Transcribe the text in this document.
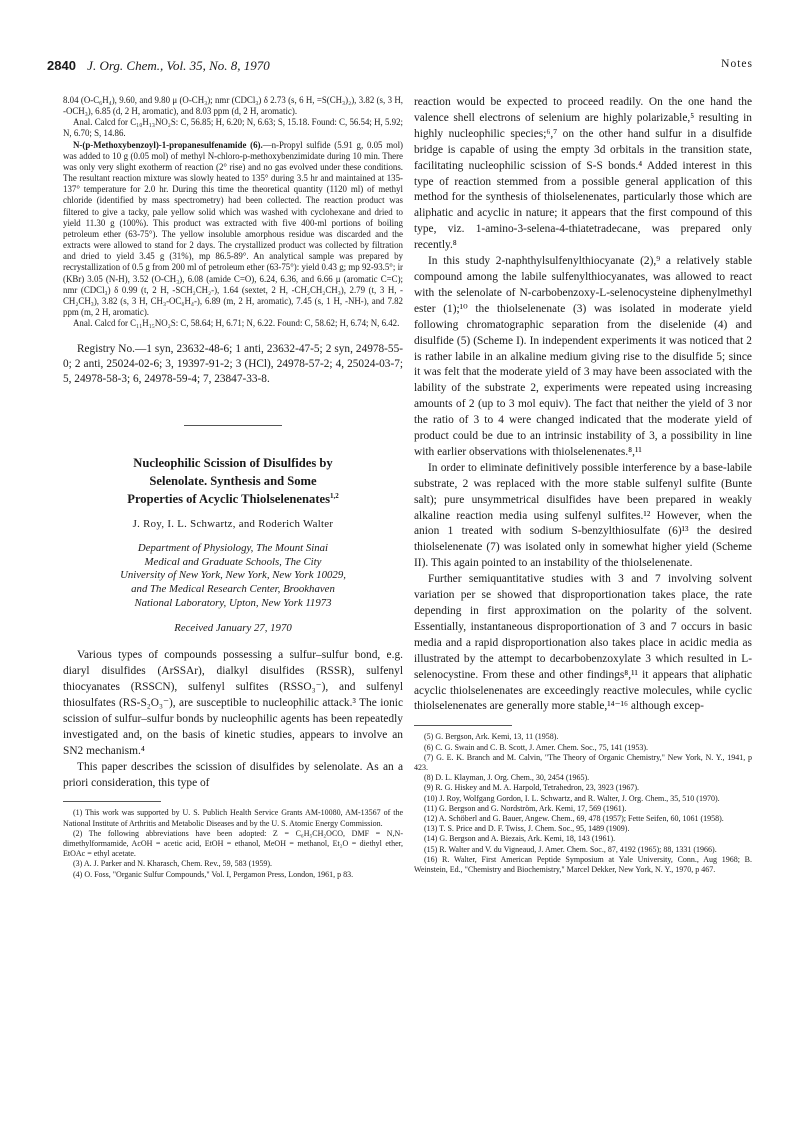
2840 J. Org. Chem., Vol. 35, No. 8, 1970	Notes

8.04 (O-C₆H₄), 9.60, and 9.80 μ (O-CH₃); nmr (CDCl₃) δ 2.73 (s, 6 H, =S(CH₃)₂), 3.82 (s, 3 H, -OCH₃), 6.85 (d, 2 H, aromatic), and 8.03 ppm (d, 2 H, aromatic).

Anal. Calcd for C₁₀H₁₃NO₂S: C, 56.85; H, 6.20; N, 6.63; S, 15.18. Found: C, 56.54; H, 5.92; N, 6.70; S, 14.86.

N-(p-Methoxybenzoyl)-1-propanesulfenamide (6).—n-Propyl sulfide (5.91 g, 0.05 mol) was added to 10 g (0.05 mol) of methyl N-chloro-p-methoxybenzimidate during 10 min. There was only very slight exotherm of reaction (2° rise) and no gas evolved under these conditions. The resultant reaction mixture was slowly heated to 135° during 3.5 hr and maintained at 135-137° temperature for 2.0 hr. During this time the theoretical quantity (1120 ml) of methyl chloride (identified by mass spectrometry) had been collected. The reaction product was filtered to give a tacky, pale yellow solid which was washed with cyclohexane and dried to yield 11.30 g (100%). This product was extracted with five 400-ml portions of boiling petroleum ether (63-75°). The yellow insoluble amorphous residue was discarded and the extracts were allowed to stand for 2 days. The crystallized product was collected by filtration and dried to yield 3.45 g (31%), mp 86.5-89°. An analytical sample was prepared by recrystallization of 0.5 g from 200 ml of petroleum ether (63-75°): yield 0.43 g; mp 92-93.5°; ir (KBr) 3.05 (N-H), 3.52 (O-CH₃), 6.08 (amide C=O), 6.24, 6.36, and 6.66 μ (aromatic C=C); nmr (CDCl₃) δ 0.99 (t, 2 H, -SCH₂CH₂-), 1.64 (sextet, 2 H, -CH₂CH₂CH₃), 2.79 (t, 3 H, -CH₂CH₃), 3.82 (s, 3 H, CH₃-OC₆H₄-), 6.89 (m, 2 H, aromatic), 7.45 (s, 1 H, -NH-), and 7.82 ppm (m, 2 H, aromatic).

Anal. Calcd for C₁₁H₁₅NO₂S: C, 58.64; H, 6.71; N, 6.22. Found: C, 58.62; H, 6.74; N, 6.42.

Registry No.—1 syn, 23632-48-6; 1 anti, 23632-47-5; 2 syn, 24978-55-0; 2 anti, 25024-02-6; 3, 19397-91-2; 3 (HCl), 24978-57-2; 4, 25024-03-7; 5, 24978-58-3; 6, 24978-59-4; 7, 23847-33-8.

Nucleophilic Scission of Disulfides by
Selenolate. Synthesis and Some
Properties of Acyclic Thiolselenenates$^{1,2}$
J. Roy, I. L. Schwartz, and Roderich Walter
Department of Physiology, The Mount Sinai
Medical and Graduate Schools, The City
University of New York, New York, New York 10029,
and The Medical Research Center, Brookhaven
National Laboratory, Upton, New York 11973
Received January 27, 1970

Various types of compounds possessing a sulfur–sulfur bond, e.g. diaryl disulfides (ArSSAr), dialkyl disulfides (RSSR), sulfenyl thiocyanates (RSSCN), sulfenyl sulfites (RSSO₃⁻), and sulfenyl thiosulfates (RS-S₂O₃⁻), are susceptible to nucleophilic attack.³ The ionic scission of sulfur–sulfur bonds by nucleophilic agents has been repeatedly investigated and, on the basis of kinetic studies, appears to involve an SN2 mechanism.⁴

This paper describes the scission of disulfides by selenolate. As an a priori consideration, this type of

(1) This work was supported by U. S. Publich Health Service Grants AM-10080, AM-13567 of the National Institute of Arthritis and Metabolic Diseases and by the U. S. Atomic Energy Commission.

(2) The following abbreviations have been adopted: Z = C₆H₅CH₂OCO, DMF = N,N-dimethylformamide, AcOH = acetic acid, EtOH = ethanol, MeOH = methanol, Et₂O = diethyl ether, EtOAc = ethyl acetate.

(3) A. J. Parker and N. Kharasch, Chem. Rev., 59, 583 (1959).

(4) O. Foss, "Organic Sulfur Compounds," Vol. I, Pergamon Press, London, 1961, p 83.

reaction would be expected to proceed readily. On the one hand the valence shell electrons of selenium are highly polarizable,⁵ resulting in highly nucleophilic species;⁶,⁷ on the other hand sulfur in a disulfide bridge is capable of using the empty 3d orbitals in the transition state, facilitating nucleophilic scission of S-S bonds.⁴ Added interest in this type of reaction stemmed from a possible general application of this method for the synthesis of thiolselenenates, particularly those which are aliphatic and acyclic in nature; it appears that the first compound of this type, viz. 1-amino-3-selena-4-thiatetradecane, was prepared only recently.⁸

In this study 2-naphthylsulfenylthiocyanate (2),⁹ a relatively stable compound among the labile sulfenylthiocyanates, was allowed to react with the selenolate of N-carbobenzoxy-L-selenocysteine diphenylmethyl ester (1);¹⁰ the thiolselenenate (3) was isolated in moderate yield following chromatographic separation from the diselenide (4) and disulfide (5) (Scheme I). In independent experiments it was noticed that 2 is rather labile in an alkaline medium giving rise to the disulfide 5; since it was felt that the moderate yield of 3 may have been associated with the lability of the substrate 2, experiments were repeated using increasing amounts of 2 (up to 3 mol equiv). The fact that neither the yield of 3 nor the ratio of 3 to 4 were changed indicated that the moderate yield of product could be due to an intrinsic instability of 3, a possibility in line with earlier observations with thiolselenenates.⁸,¹¹

In order to eliminate definitively possible interference by a base-labile substrate, 2 was replaced with the more stable sulfenyl sulfite (Bunte salt); pure unsymmetrical disulfides have been prepared in weakly alkaline reaction media using sulfenyl sulfites.¹² However, when the anion 1 treated with sodium S-benzylthiosulfate (6)¹³ the desired thiolselenenate (7) was isolated only in somewhat higher yield (Scheme II). This again pointed to an instability of the thiolselenenate.

Further semiquantitative studies with 3 and 7 involving solvent variation per se showed that disproportionation takes place, the rate depending in first approximation on the polarity of the solvent. Essentially, instantaneous disproportionation of 3 and 7 occurs in basic media and a rapid disproportionation also takes place in acidic media as illustrated by the attempt to decarbobenzoxylate 3 which resulted in L-selenocystine. From these and other findings⁸,¹¹ it appears that aliphatic acyclic thiolselenenates are exceedingly reactive molecules, while cyclic thiolselenenates are generally more stable,¹⁴⁻¹⁶ although excep-

(5) G. Bergson, Ark. Kemi, 13, 11 (1958).

(6) C. G. Swain and C. B. Scott, J. Amer. Chem. Soc., 75, 141 (1953).

(7) G. E. K. Branch and M. Calvin, "The Theory of Organic Chemistry," New York, N. Y., 1941, p 423.

(8) D. L. Klayman, J. Org. Chem., 30, 2454 (1965).

(9) R. G. Hiskey and M. A. Harpold, Tetrahedron, 23, 3923 (1967).

(10) J. Roy, Wolfgang Gordon, I. L. Schwartz, and R. Walter, J. Org. Chem., 35, 510 (1970).

(11) G. Bergson and G. Nordström, Ark. Kemi, 17, 569 (1961).

(12) A. Schöberl and G. Bauer, Angew. Chem., 69, 478 (1957); Fette Seifen, 60, 1061 (1958).

(13) T. S. Price and D. F. Twiss, J. Chem. Soc., 95, 1489 (1909).

(14) G. Bergson and A. Biezais, Ark. Kemi, 18, 143 (1961).

(15) R. Walter and V. du Vigneaud, J. Amer. Chem. Soc., 87, 4192 (1965); 88, 1331 (1966).

(16) R. Walter, First American Peptide Symposium at Yale University, Conn., Aug 1968; B. Weinstein, Ed., "Chemistry and Biochemistry," Marcel Dekker, New York, N. Y., 1970, p 467.
